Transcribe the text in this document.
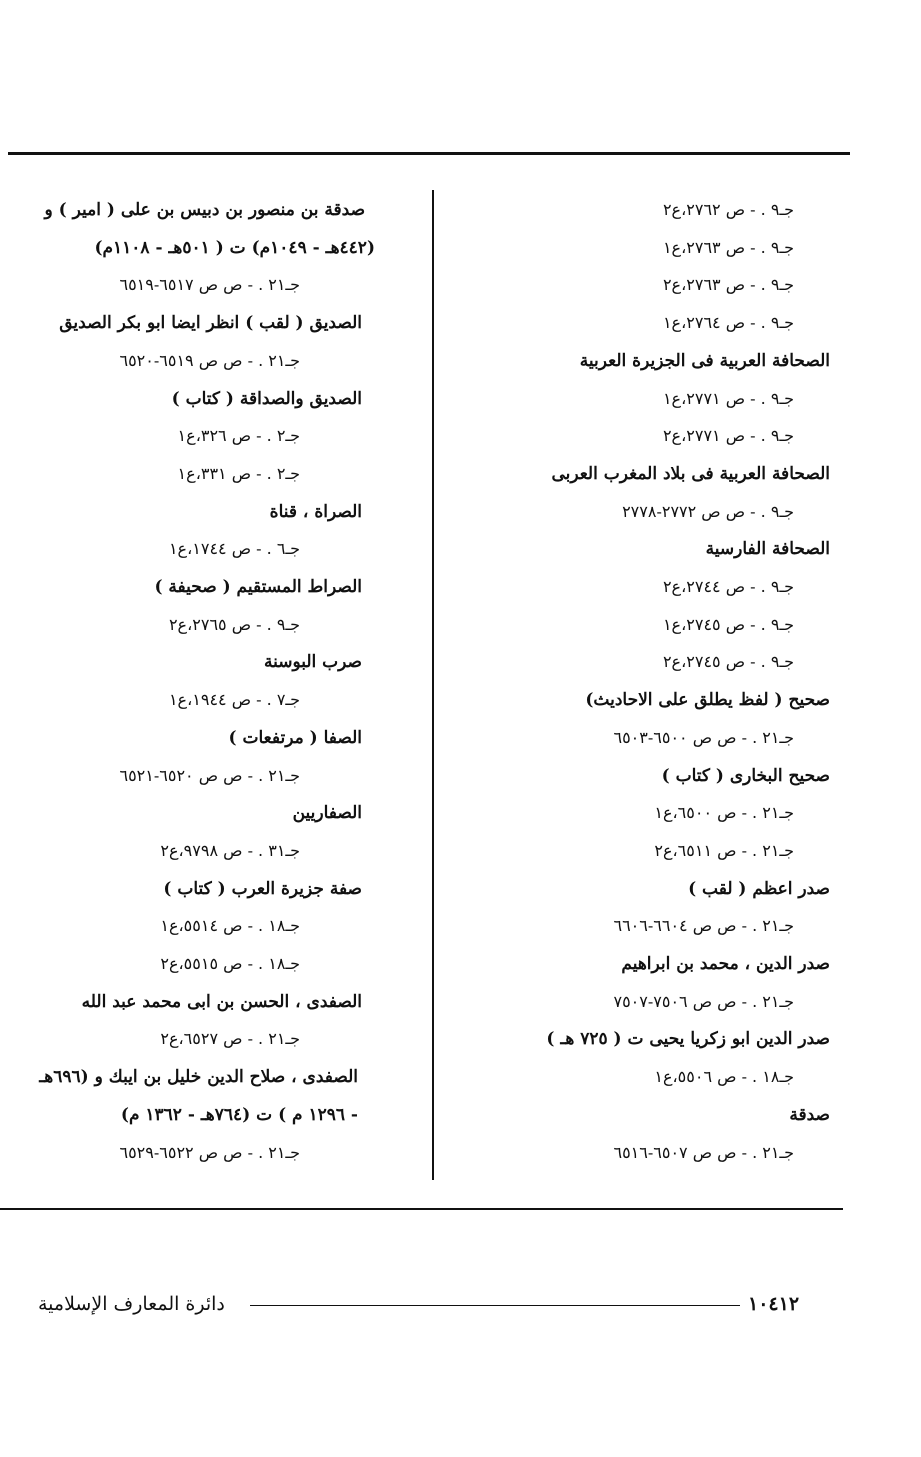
جـ٩ . - ص ٢٧٦٢،ع٢
جـ٩ . - ص ٢٧٦٣،ع١
جـ٩ . - ص ٢٧٦٣،ع٢
جـ٩ . - ص ٢٧٦٤،ع١
الصحافة العربية فى الجزيرة العربية
جـ٩ . - ص ٢٧٧١،ع١
جـ٩ . - ص ٢٧٧١،ع٢
الصحافة العربية فى بلاد المغرب العربى
جـ٩ . - ص ص ٢٧٧٢-٢٧٧٨
الصحافة الفارسية
جـ٩ . - ص ٢٧٤٤،ع٢
جـ٩ . - ص ٢٧٤٥،ع١
جـ٩ . - ص ٢٧٤٥،ع٢
صحيح ( لفظ يطلق على الاحاديث)
جـ٢١ . - ص ص ٦٥٠٠-٦٥٠٣
صحيح البخارى ( كتاب )
جـ٢١ . - ص ٦٥٠٠،ع١
جـ٢١ . - ص ٦٥١١،ع٢
صدر اعظم ( لقب )
جـ٢١ . - ص ص ٦٦٠٤-٦٦٠٦
صدر الدين ، محمد بن ابراهيم
جـ٢١ . - ص ص ٧٥٠٦-٧٥٠٧
صدر الدين ابو زكريا يحيى ت ( ٧٢٥ هـ )
جـ١٨ . - ص ٥٥٠٦،ع١
صدقة
جـ٢١ . - ص ص ٦٥٠٧-٦٥١٦
صدقة بن منصور بن دبيس بن على ( امير ) و
(٤٤٢هـ - ١٠٤٩م) ت ( ٥٠١هـ - ١١٠٨م)
جـ٢١ . - ص ص ٦٥١٧-٦٥١٩
الصديق ( لقب ) انظر ايضا ابو بكر الصديق
جـ٢١ . - ص ص ٦٥١٩-٦٥٢٠
الصديق والصداقة ( كتاب )
جـ٢ . - ص ٣٢٦،ع١
جـ٢ . - ص ٣٣١،ع١
الصراة ، قناة
جـ٦ . - ص ١٧٤٤،ع١
الصراط المستقيم ( صحيفة )
جـ٩ . - ص ٢٧٦٥،ع٢
صرب البوسنة
جـ٧ . - ص ١٩٤٤،ع١
الصفا ( مرتفعات )
جـ٢١ . - ص ص ٦٥٢٠-٦٥٢١
الصفاريين
جـ٣١ . - ص ٩٧٩٨،ع٢
صفة جزيرة العرب ( كتاب )
جـ١٨ . - ص ٥٥١٤،ع١
جـ١٨ . - ص ٥٥١٥،ع٢
الصفدى ، الحسن بن ابى محمد عبد الله
جـ٢١ . - ص ٦٥٢٧،ع٢
الصفدى ، صلاح الدين خليل بن ايبك و (٦٩٦هـ
- ١٢٩٦ م ) ت (٧٦٤هـ - ١٣٦٢ م)
جـ٢١ . - ص ص ٦٥٢٢-٦٥٢٩
١٠٤١٢
دائرة المعارف الإسلامية
